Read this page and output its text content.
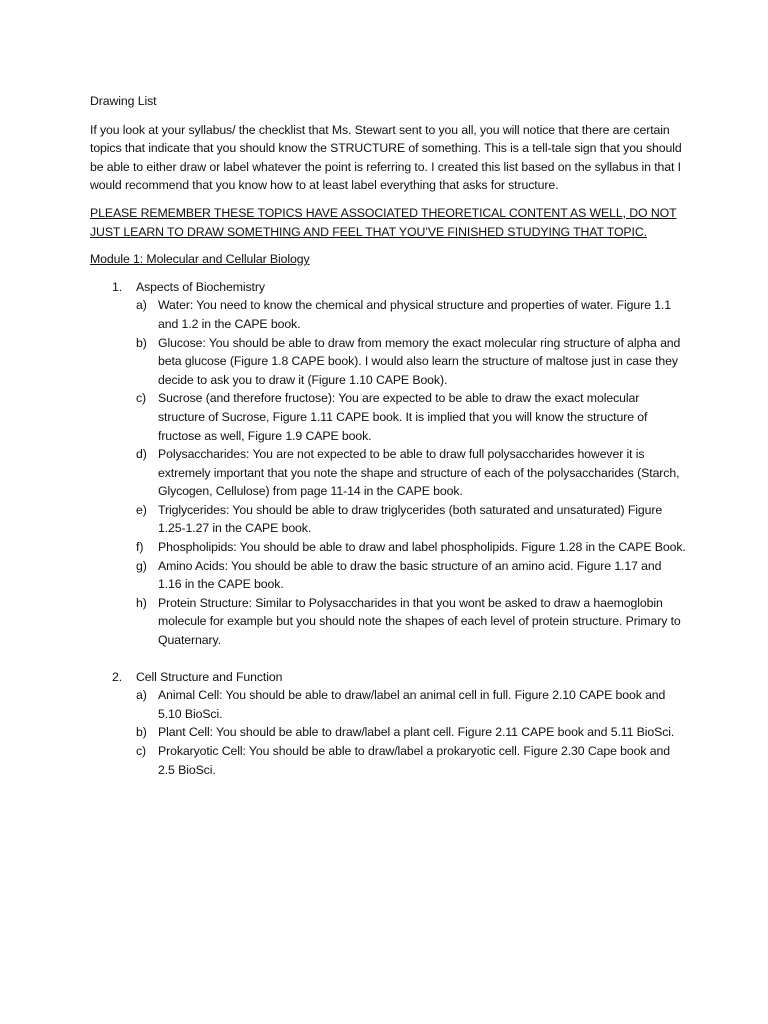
Drawing List
If you look at your syllabus/ the checklist that Ms. Stewart sent to you all, you will notice that there are certain topics that indicate that you should know the STRUCTURE of something. This is a tell-tale sign that you should be able to either draw or label whatever the point is referring to. I created this list based on the syllabus in that I would recommend that you know how to at least label everything that asks for structure.
PLEASE REMEMBER THESE TOPICS HAVE ASSOCIATED THEORETICAL CONTENT AS WELL, DO NOT JUST LEARN TO DRAW SOMETHING AND FEEL THAT YOU’VE FINISHED STUDYING THAT TOPIC.
Module 1: Molecular and Cellular Biology
1. Aspects of Biochemistry
a) Water: You need to know the chemical and physical structure and properties of water. Figure 1.1 and 1.2 in the CAPE book.
b) Glucose: You should be able to draw from memory the exact molecular ring structure of alpha and beta glucose (Figure 1.8 CAPE book). I would also learn the structure of maltose just in case they decide to ask you to draw it (Figure 1.10 CAPE Book).
c) Sucrose (and therefore fructose): You are expected to be able to draw the exact molecular structure of Sucrose, Figure 1.11 CAPE book. It is implied that you will know the structure of fructose as well, Figure 1.9 CAPE book.
d) Polysaccharides: You are not expected to be able to draw full polysaccharides however it is extremely important that you note the shape and structure of each of the polysaccharides (Starch, Glycogen, Cellulose) from page 11-14 in the CAPE book.
e) Triglycerides: You should be able to draw triglycerides (both saturated and unsaturated) Figure 1.25-1.27 in the CAPE book.
f) Phospholipids: You should be able to draw and label phospholipids. Figure 1.28 in the CAPE Book.
g) Amino Acids: You should be able to draw the basic structure of an amino acid. Figure 1.17 and 1.16 in the CAPE book.
h) Protein Structure: Similar to Polysaccharides in that you wont be asked to draw a haemoglobin molecule for example but you should note the shapes of each level of protein structure. Primary to Quaternary.
2. Cell Structure and Function
a) Animal Cell: You should be able to draw/label an animal cell in full. Figure 2.10 CAPE book and 5.10 BioSci.
b) Plant Cell: You should be able to draw/label a plant cell. Figure 2.11 CAPE book and 5.11 BioSci.
c) Prokaryotic Cell: You should be able to draw/label a prokaryotic cell. Figure 2.30 Cape book and 2.5 BioSci.
